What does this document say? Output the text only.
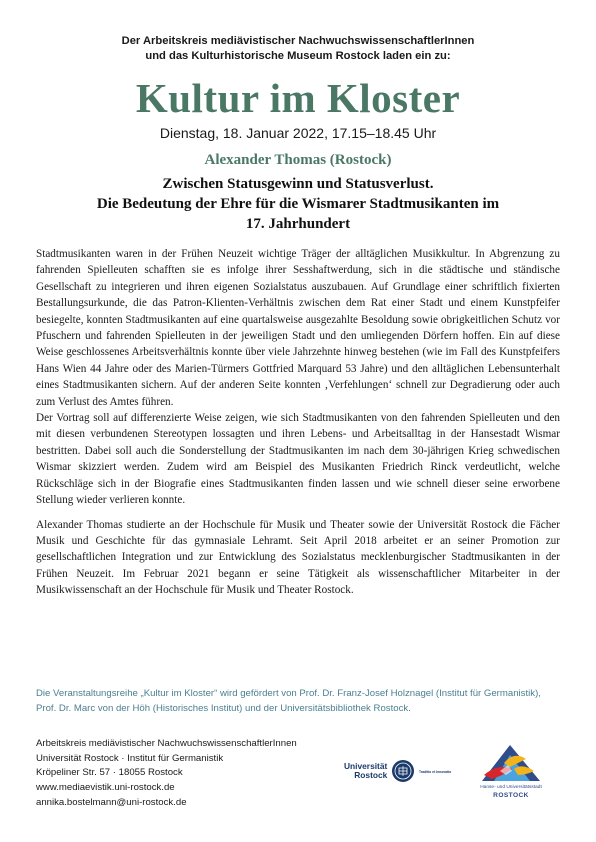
Der Arbeitskreis mediävistischer NachwuchswissenschaftlerInnen
und das Kulturhistorische Museum Rostock laden ein zu:
Kultur im Kloster
Dienstag, 18. Januar 2022, 17.15–18.45 Uhr
Alexander Thomas (Rostock)
Zwischen Statusgewinn und Statusverlust.
Die Bedeutung der Ehre für die Wismarer Stadtmusikanten im
17. Jahrhundert

Stadtmusikanten waren in der Frühen Neuzeit wichtige Träger der alltäglichen Musikkultur. In Abgrenzung zu fahrenden Spielleuten schafften sie es infolge ihrer Sesshaftwerdung, sich in die städtische und ständische Gesellschaft zu integrieren und ihren eigenen Sozialstatus auszubauen. Auf Grundlage einer schriftlich fixierten Bestallungsurkunde, die das Patron-Klienten-Verhältnis zwischen dem Rat einer Stadt und einem Kunstpfeifer besiegelte, konnten Stadtmusikanten auf eine quartalsweise ausgezahlte Besoldung sowie obrigkeitlichen Schutz vor Pfuschern und fahrenden Spielleuten in der jeweiligen Stadt und den umliegenden Dörfern hoffen. Ein auf diese Weise geschlossenes Arbeitsverhältnis konnte über viele Jahrzehnte hinweg bestehen (wie im Fall des Kunstpfeifers Hans Wien 44 Jahre oder des Marien-Türmers Gottfried Marquard 53 Jahre) und den alltäglichen Lebensunterhalt eines Stadtmusikanten sichern. Auf der anderen Seite konnten ‚Verfehlungen‘ schnell zur Degradierung oder auch zum Verlust des Amtes führen.

Der Vortrag soll auf differenzierte Weise zeigen, wie sich Stadtmusikanten von den fahrenden Spielleuten und den mit diesen verbundenen Stereotypen lossagten und ihren Lebens- und Arbeitsalltag in der Hansestadt Wismar bestritten. Dabei soll auch die Sonderstellung der Stadtmusikanten im nach dem 30-jährigen Krieg schwedischen Wismar skizziert werden. Zudem wird am Beispiel des Musikanten Friedrich Rinck verdeutlicht, welche Rückschläge sich in der Biografie eines Stadtmusikanten finden lassen und wie schnell dieser seine erworbene Stellung wieder verlieren konnte.

Alexander Thomas studierte an der Hochschule für Musik und Theater sowie der Universität Rostock die Fächer Musik und Geschichte für das gymnasiale Lehramt. Seit April 2018 arbeitet er an seiner Promotion zur gesellschaftlichen Integration und zur Entwicklung des Sozialstatus mecklenburgischer Stadtmusikanten in der Frühen Neuzeit. Im Februar 2021 begann er seine Tätigkeit als wissenschaftlicher Mitarbeiter in der Musikwissenschaft an der Hochschule für Musik und Theater Rostock.

Die Veranstaltungsreihe „Kultur im Kloster“ wird gefördert von Prof. Dr. Franz-Josef Holznagel (Institut für Germanistik), Prof. Dr. Marc von der Höh (Historisches Institut) und der Universitätsbibliothek Rostock.
Arbeitskreis mediävistischer NachwuchswissenschaftlerInnen
Universität Rostock · Institut für Germanistik
Kröpeliner Str. 57 · 18055 Rostock
www.mediaevistik.uni-rostock.de
annika.bostelmann@uni-rostock.de
Universität
Rostock	Traditio et Innovatio
Hanse- und Universitätsstadt
ROSTOCK
